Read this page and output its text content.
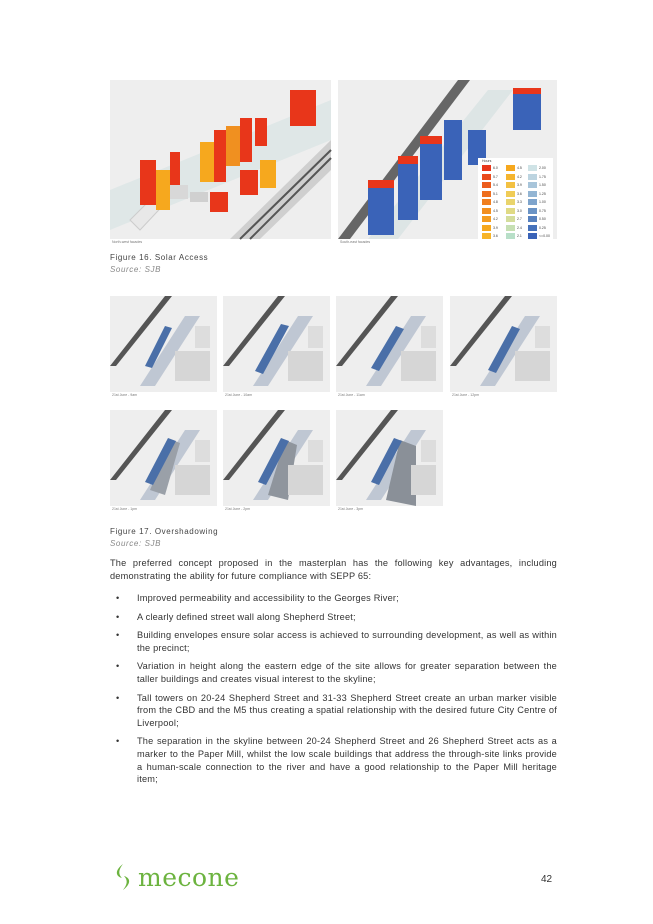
North-west facades	South-east facades
Hours
6.0
5.7
5.4
5.1
4.8
4.5
4.2
3.9
3.6
4.5
4.2
3.9
3.6
3.3
3.0
2.7
2.4
2.1
2.00
1.75
1.50
1.25
1.00
0.75
0.50
0.25
<=0.00
Figure 16. Solar Access
Source: SJB
21st June - 9am	21st June - 10am	21st June - 11am	21st June - 12pm
21st June - 1pm	21st June - 2pm	21st June - 3pm
Figure 17. Overshadowing
Source: SJB
The preferred concept proposed in the masterplan has the following key advantages, including demonstrating the ability for future compliance with SEPP 65:
• Improved permeability and accessibility to the Georges River;
• A clearly defined street wall along Shepherd Street;
• Building envelopes ensure solar access is achieved to surrounding development, as well as within the precinct;
• Variation in height along the eastern edge of the site allows for greater separation between the taller buildings and creates visual interest to the skyline;
• Tall towers on 20-24 Shepherd Street and 31-33 Shepherd Street create an urban marker visible from the CBD and the M5 thus creating a spatial relationship with the desired future City Centre of Liverpool;
• The separation in the skyline between 20-24 Shepherd Street and 26 Shepherd Street acts as a marker to the Paper Mill, whilst the low scale buildings that address the through-site links provide a human-scale connection to the river and have a good relationship to the Paper Mill heritage item;
mecone	42
